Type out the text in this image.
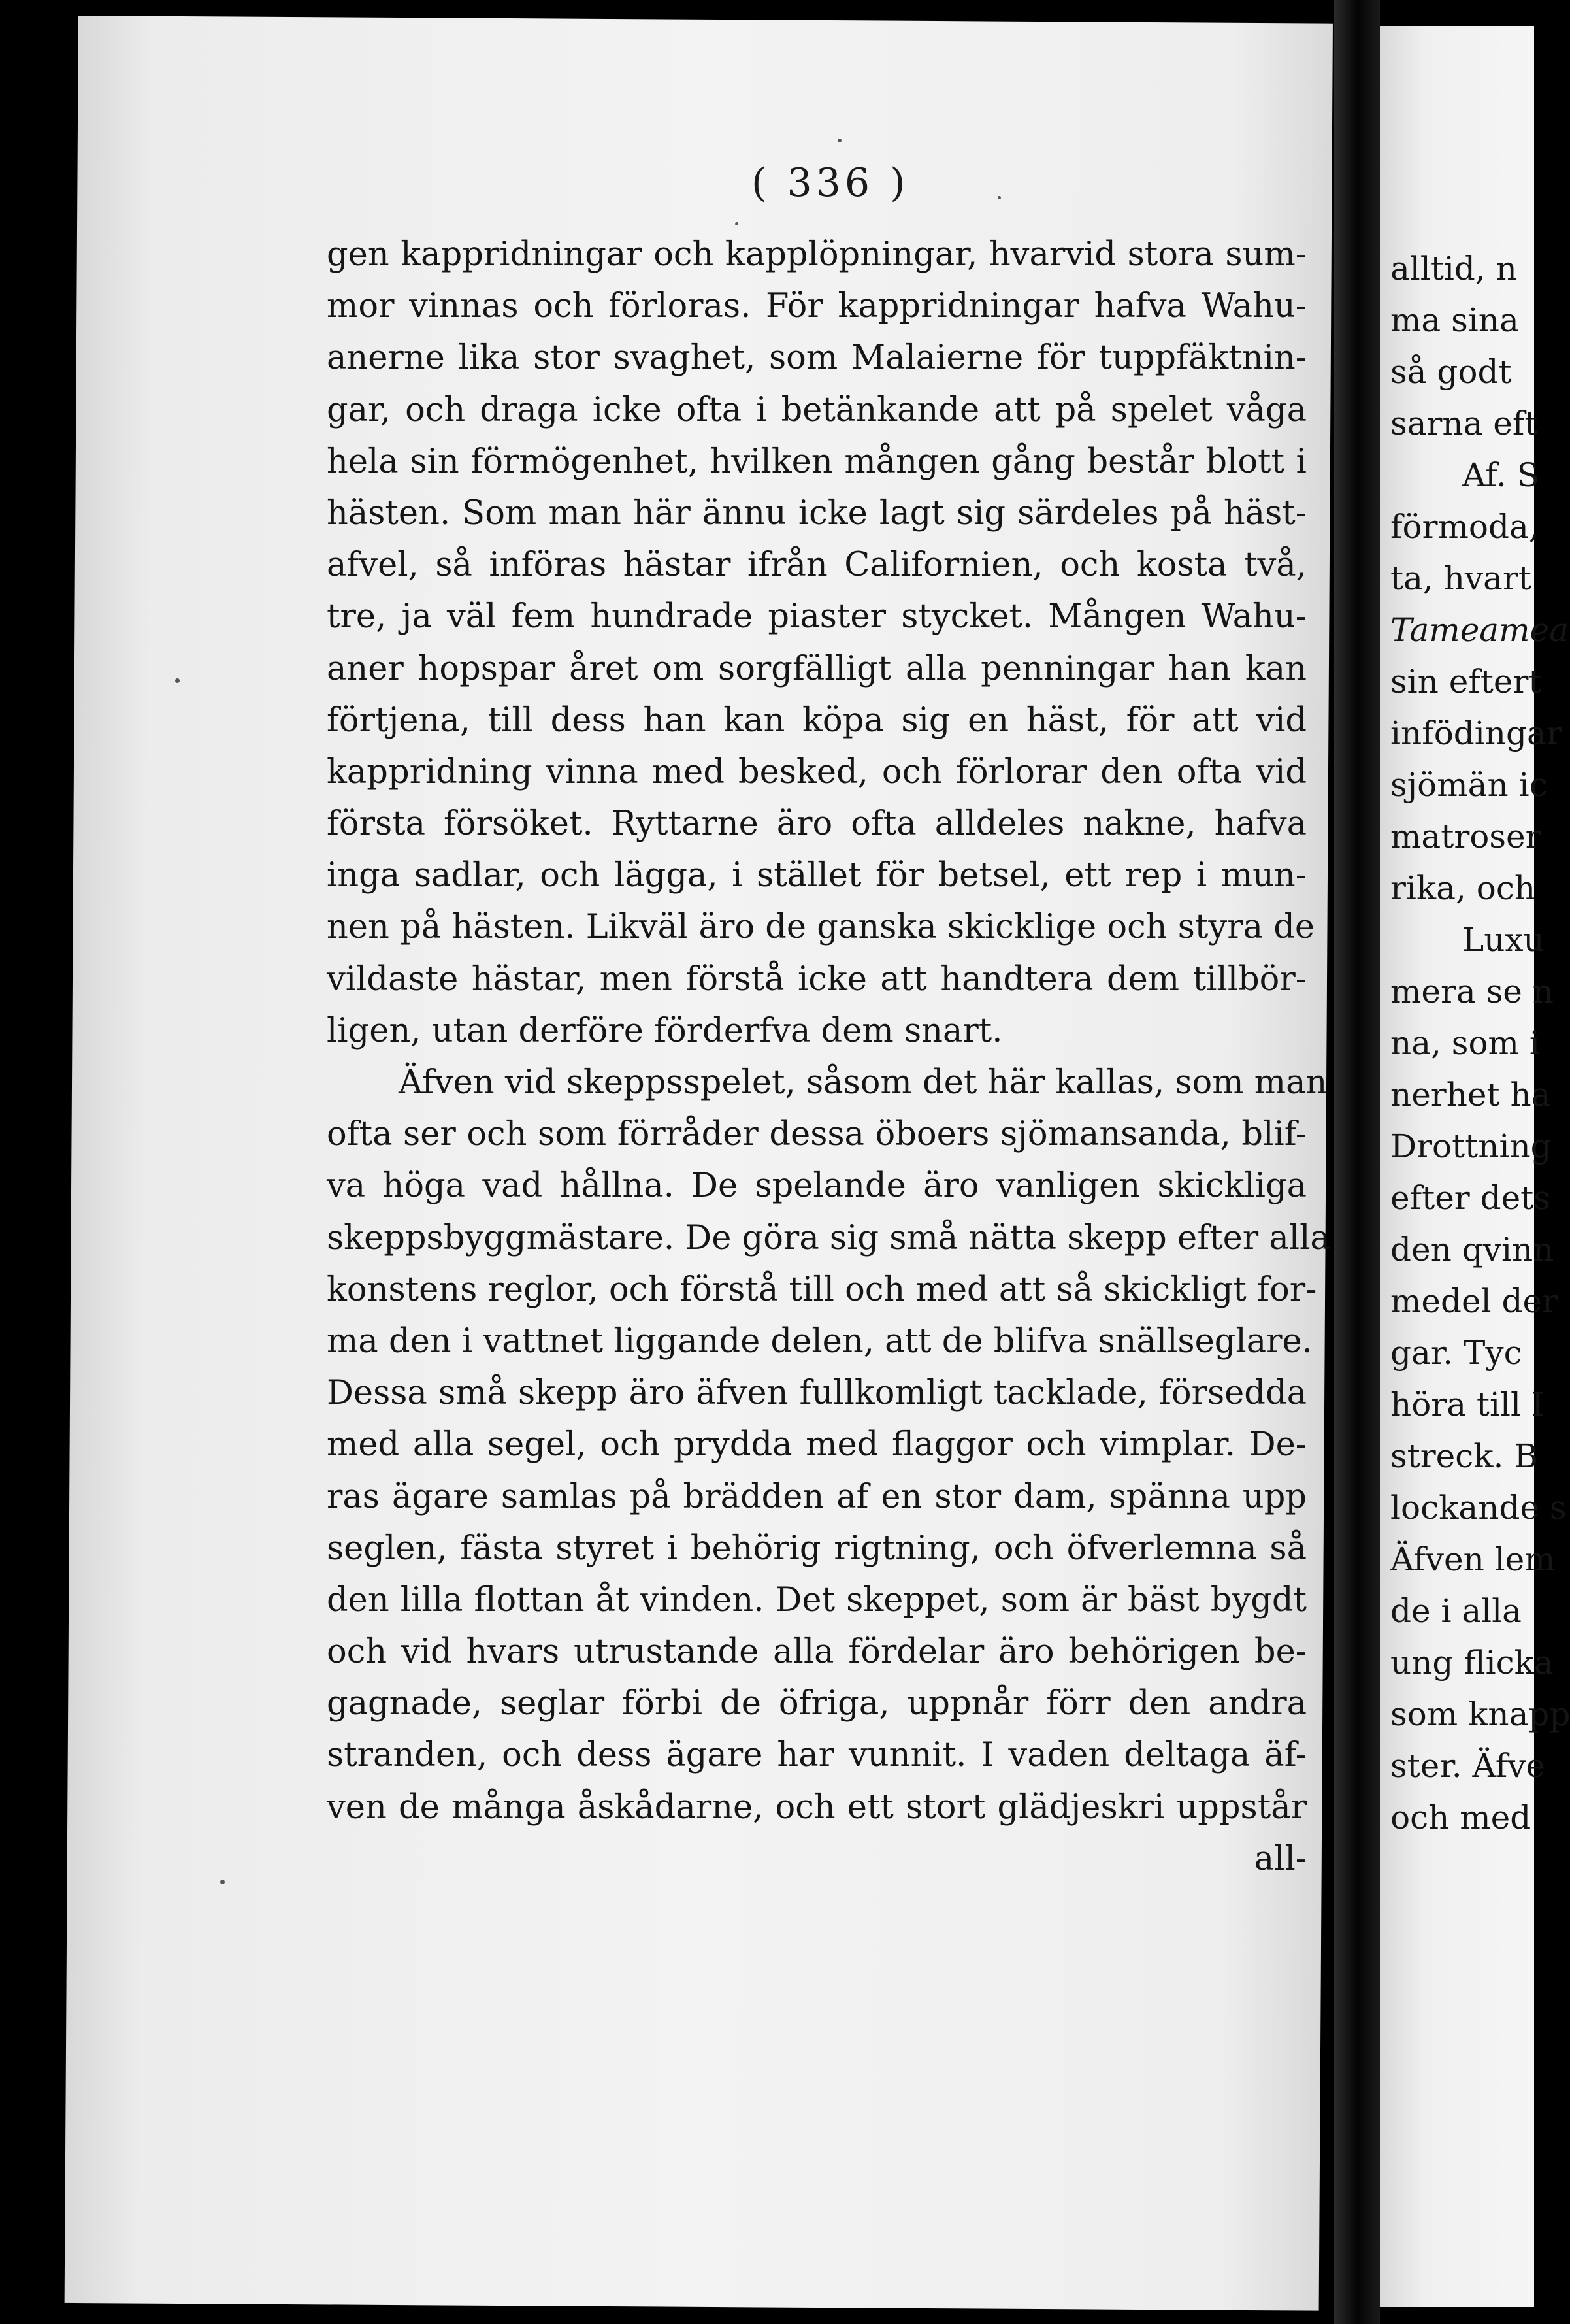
( 336 )
gen kappridningar och kapplöpningar, hvarvid stora sum-
mor vinnas och förloras. För kappridningar hafva Wahu-
anerne lika stor svaghet, som Malaierne för tuppfäktnin-
gar, och draga icke ofta i betänkande att på spelet våga
hela sin förmögenhet, hvilken mången gång består blott i
hästen. Som man här ännu icke lagt sig särdeles på häst-
afvel, så införas hästar ifrån Californien, och kosta två,
tre, ja väl fem hundrade piaster stycket. Mången Wahu-
aner hopspar året om sorgfälligt alla penningar han kan
förtjena, till dess han kan köpa sig en häst, för att vid
kappridning vinna med besked, och förlorar den ofta vid
första försöket. Ryttarne äro ofta alldeles nakne, hafva
inga sadlar, och lägga, i stället för betsel, ett rep i mun-
nen på hästen. Likväl äro de ganska skicklige och styra de
vildaste hästar, men förstå icke att handtera dem tillbör-
ligen, utan derföre förderfva dem snart.
Äfven vid skeppsspelet, såsom det här kallas, som man
ofta ser och som förråder dessa öboers sjömansanda, blif-
va höga vad hållna. De spelande äro vanligen skickliga
skeppsbyggmästare. De göra sig små nätta skepp efter alla
konstens reglor, och förstå till och med att så skickligt for-
ma den i vattnet liggande delen, att de blifva snällseglare.
Dessa små skepp äro äfven fullkomligt tacklade, försedda
med alla segel, och prydda med flaggor och vimplar. De-
ras ägare samlas på brädden af en stor dam, spänna upp
seglen, fästa styret i behörig rigtning, och öfverlemna så
den lilla flottan åt vinden. Det skeppet, som är bäst bygdt
och vid hvars utrustande alla fördelar äro behörigen be-
gagnade, seglar förbi de öfriga, uppnår förr den andra
stranden, och dess ägare har vunnit. I vaden deltaga äf-
ven de många åskådarne, och ett stort glädjeskri uppstår
all-
alltid, n
ma sina
så godt
sarna eft
Af. S
förmoda,
ta, hvart
Tameamea
sin eftert
infödingar
sjömän ic
matroser
rika, och
Luxu
mera se n
na, som i
nerhet ha
Drottning
efter dets
den qvinn
medel der
gar. Tyc
höra till I
streck. B
lockande s
Äfven lem
de i alla
ung flicka
som knapp
ster. Äfve
och med
